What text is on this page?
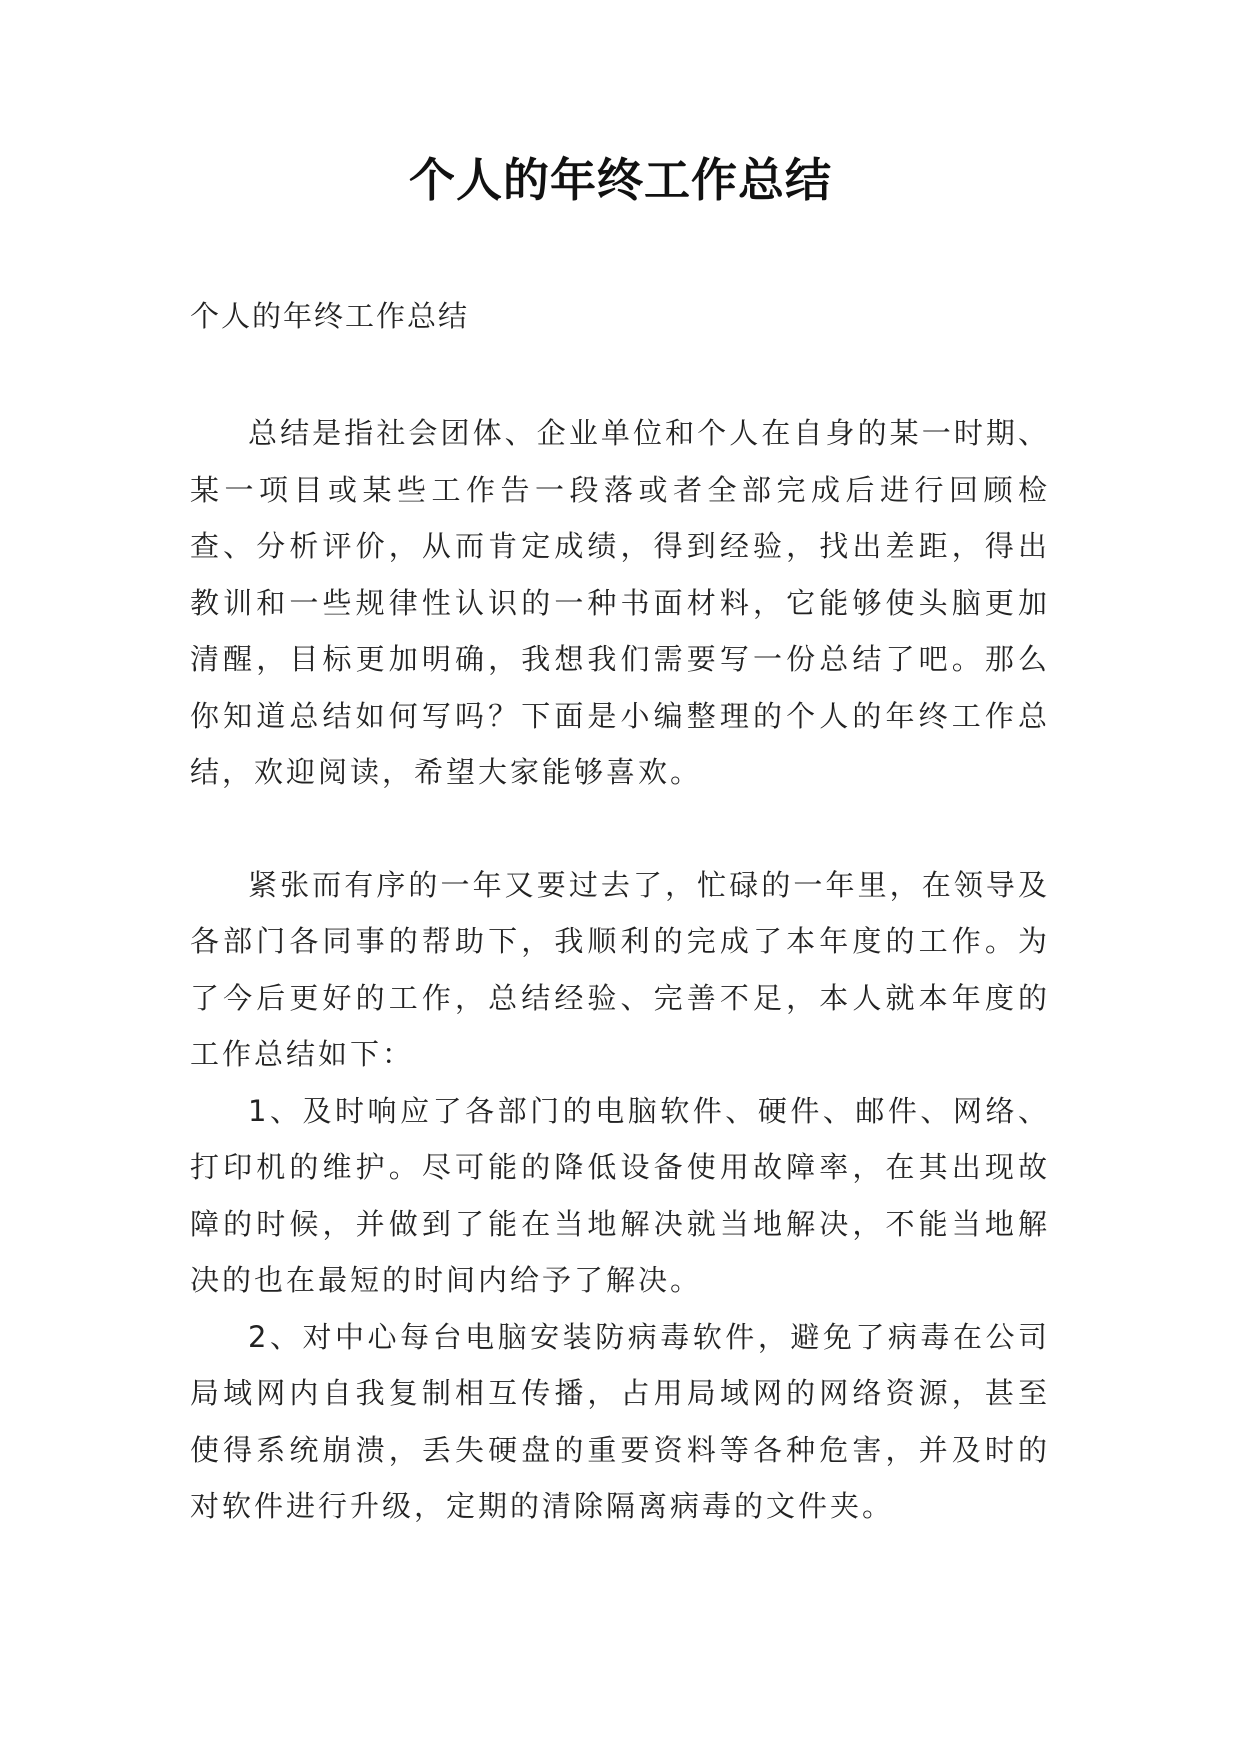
个人的年终工作总结

个人的年终工作总结

总结是指社会团体、企业单位和个人在自身的某一时期、某一项目或某些工作告一段落或者全部完成后进行回顾检查、分析评价，从而肯定成绩，得到经验，找出差距，得出教训和一些规律性认识的一种书面材料，它能够使头脑更加清醒，目标更加明确，我想我们需要写一份总结了吧。那么你知道总结如何写吗？下面是小编整理的个人的年终工作总结，欢迎阅读，希望大家能够喜欢。

紧张而有序的一年又要过去了，忙碌的一年里，在领导及各部门各同事的帮助下，我顺利的完成了本年度的工作。为了今后更好的工作，总结经验、完善不足，本人就本年度的工作总结如下：

1、及时响应了各部门的电脑软件、硬件、邮件、网络、打印机的维护。尽可能的降低设备使用故障率，在其出现故障的时候，并做到了能在当地解决就当地解决，不能当地解决的也在最短的时间内给予了解决。

2、对中心每台电脑安装防病毒软件，避免了病毒在公司局域网内自我复制相互传播，占用局域网的网络资源，甚至使得系统崩溃，丢失硬盘的重要资料等各种危害，并及时的对软件进行升级，定期的清除隔离病毒的文件夹。
